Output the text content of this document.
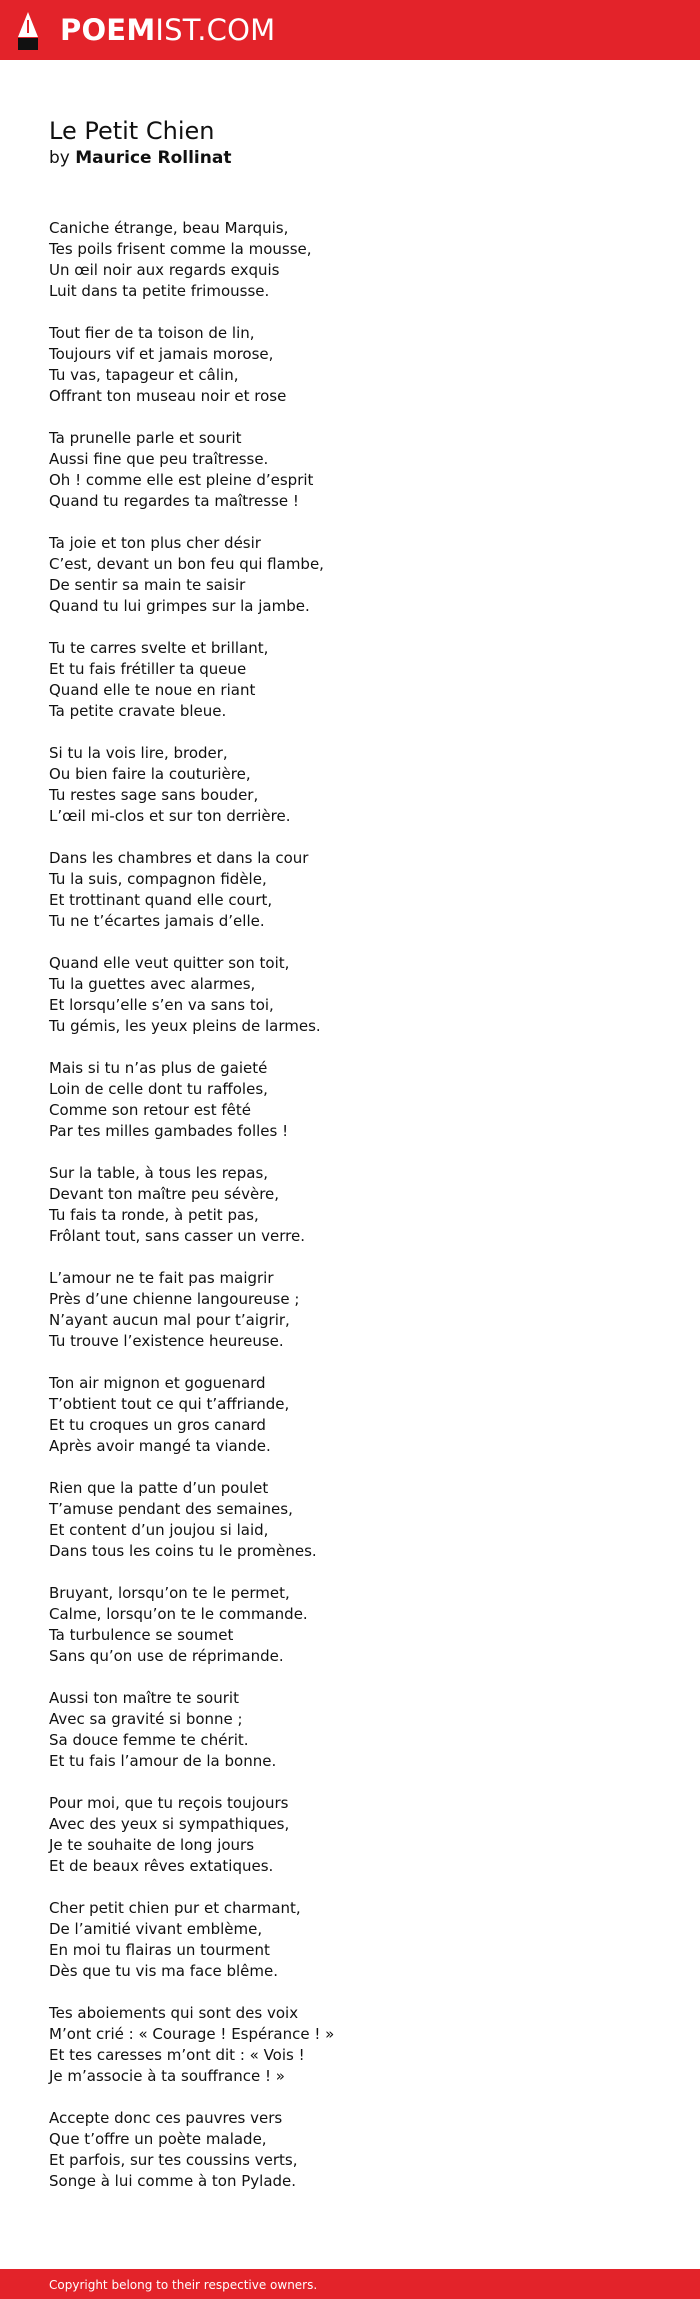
POEMIST.COM
Le Petit Chien
by Maurice Rollinat
Caniche étrange, beau Marquis,
Tes poils frisent comme la mousse,
Un œil noir aux regards exquis
Luit dans ta petite frimousse.
Tout fier de ta toison de lin,
Toujours vif et jamais morose,
Tu vas, tapageur et câlin,
Offrant ton museau noir et rose
Ta prunelle parle et sourit
Aussi fine que peu traîtresse.
Oh ! comme elle est pleine d’esprit
Quand tu regardes ta maîtresse !
Ta joie et ton plus cher désir
C’est, devant un bon feu qui flambe,
De sentir sa main te saisir
Quand tu lui grimpes sur la jambe.
Tu te carres svelte et brillant,
Et tu fais frétiller ta queue
Quand elle te noue en riant
Ta petite cravate bleue.
Si tu la vois lire, broder,
Ou bien faire la couturière,
Tu restes sage sans bouder,
L’œil mi-clos et sur ton derrière.
Dans les chambres et dans la cour
Tu la suis, compagnon fidèle,
Et trottinant quand elle court,
Tu ne t’écartes jamais d’elle.
Quand elle veut quitter son toit,
Tu la guettes avec alarmes,
Et lorsqu’elle s’en va sans toi,
Tu gémis, les yeux pleins de larmes.
Mais si tu n’as plus de gaieté
Loin de celle dont tu raffoles,
Comme son retour est fêté
Par tes milles gambades folles !
Sur la table, à tous les repas,
Devant ton maître peu sévère,
Tu fais ta ronde, à petit pas,
Frôlant tout, sans casser un verre.
L’amour ne te fait pas maigrir
Près d’une chienne langoureuse ;
N’ayant aucun mal pour t’aigrir,
Tu trouve l’existence heureuse.
Ton air mignon et goguenard
T’obtient tout ce qui t’affriande,
Et tu croques un gros canard
Après avoir mangé ta viande.
Rien que la patte d’un poulet
T’amuse pendant des semaines,
Et content d’un joujou si laid,
Dans tous les coins tu le promènes.
Bruyant, lorsqu’on te le permet,
Calme, lorsqu’on te le commande.
Ta turbulence se soumet
Sans qu’on use de réprimande.
Aussi ton maître te sourit
Avec sa gravité si bonne ;
Sa douce femme te chérit.
Et tu fais l’amour de la bonne.
Pour moi, que tu reçois toujours
Avec des yeux si sympathiques,
Je te souhaite de long jours
Et de beaux rêves extatiques.
Cher petit chien pur et charmant,
De l’amitié vivant emblème,
En moi tu flairas un tourment
Dès que tu vis ma face blême.
Tes aboiements qui sont des voix
M’ont crié : « Courage ! Espérance ! »
Et tes caresses m’ont dit : « Vois !
Je m’associe à ta souffrance ! »
Accepte donc ces pauvres vers
Que t’offre un poète malade,
Et parfois, sur tes coussins verts,
Songe à lui comme à ton Pylade.
Copyright belong to their respective owners.
